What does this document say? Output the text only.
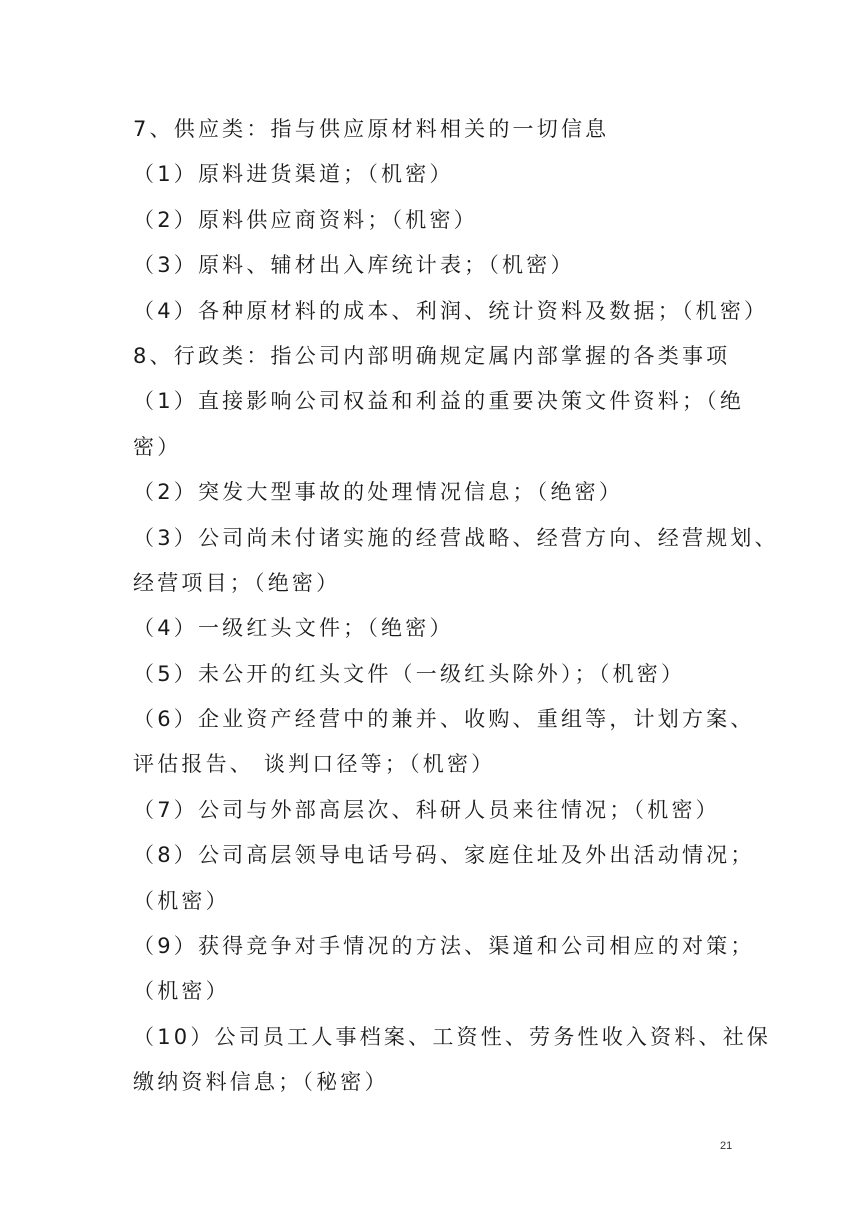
7、供应类：指与供应原材料相关的一切信息
（1）原料进货渠道；（机密）
（2）原料供应商资料；（机密）
（3）原料、辅材出入库统计表；（机密）
（4）各种原材料的成本、利润、统计资料及数据；（机密）
8、行政类：指公司内部明确规定属内部掌握的各类事项
（1）直接影响公司权益和利益的重要决策文件资料；（绝
密）
（2）突发大型事故的处理情况信息；（绝密）
（3）公司尚未付诸实施的经营战略、经营方向、经营规划、
经营项目；（绝密）
（4）一级红头文件；（绝密）
（5）未公开的红头文件（一级红头除外）；（机密）
（6）企业资产经营中的兼并、收购、重组等，计划方案、
评估报告、 谈判口径等；（机密）
（7）公司与外部高层次、科研人员来往情况；（机密）
（8）公司高层领导电话号码、家庭住址及外出活动情况；
（机密）
（9）获得竞争对手情况的方法、渠道和公司相应的对策；
（机密）
（10）公司员工人事档案、工资性、劳务性收入资料、社保
缴纳资料信息；（秘密）
21
